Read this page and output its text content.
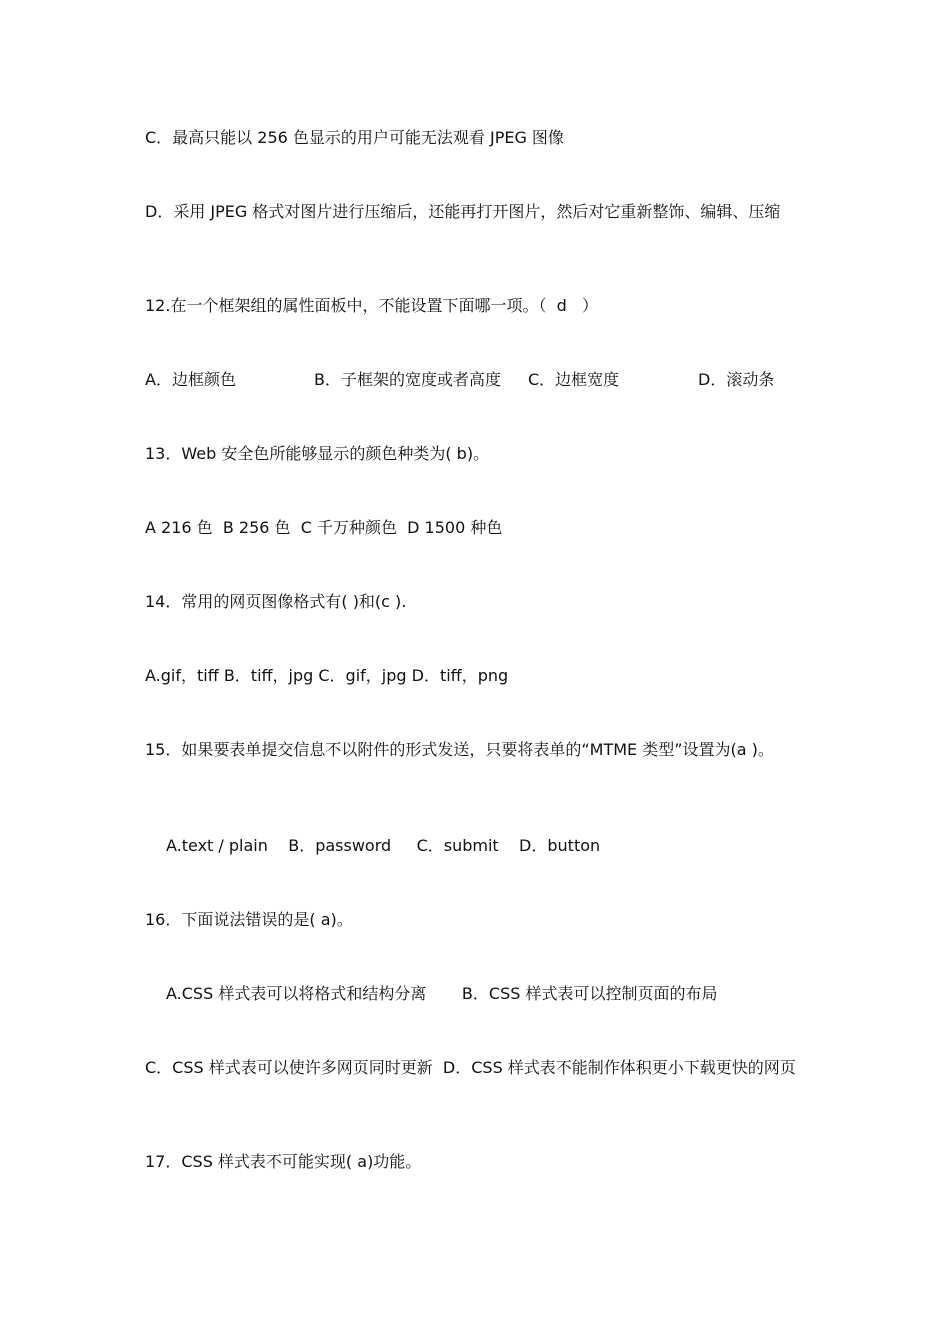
C．最高只能以 256 色显示的用户可能无法观看 JPEG 图像
D．采用 JPEG 格式对图片进行压缩后，还能再打开图片，然后对它重新整饰、编辑、压缩
12.在一个框架组的属性面板中，不能设置下面哪一项。（  d   ）
A．边框颜色	B．子框架的宽度或者高度 C．边框宽度	D．滚动条
13．Web 安全色所能够显示的颜色种类为( b)。
A 216 色  B 256 色  C 千万种颜色  D 1500 种色
14．常用的网页图像格式有( )和(c ).
A.gif，tiff B．tiff，jpg C．gif，jpg D．tiff，png
15．如果要表单提交信息不以附件的形式发送，只要将表单的“MTME 类型”设置为(a )。
A.text / plain    B．password     C．submit    D．button
16．下面说法错误的是( a)。
A.CSS 样式表可以将格式和结构分离       B．CSS 样式表可以控制页面的布局
C．CSS 样式表可以使许多网页同时更新  D．CSS 样式表不能制作体积更小下载更快的网页
17．CSS 样式表不可能实现( a)功能。
